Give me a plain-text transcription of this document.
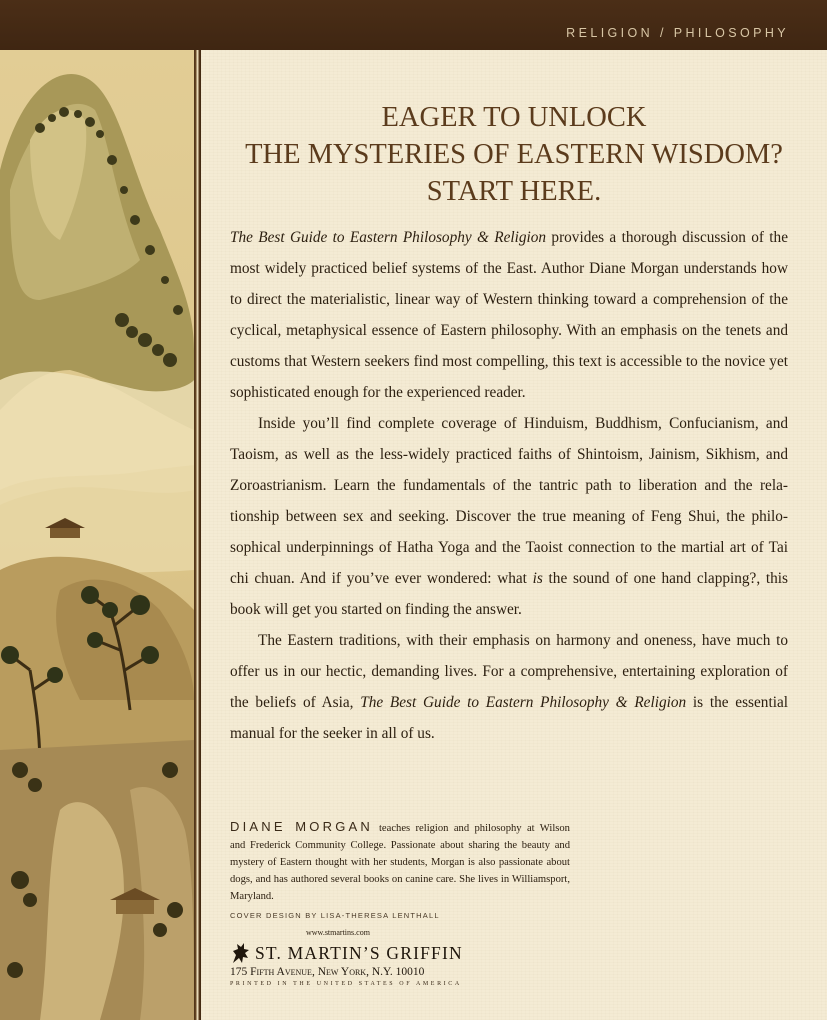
RELIGION / PHILOSOPHY
EAGER TO UNLOCK
THE MYSTERIES OF EASTERN WISDOM?
START HERE.

The Best Guide to Eastern Philosophy & Religion provides a thorough discussion of the most widely practiced belief systems of the East. Author Diane Morgan understands how to direct the materialistic, linear way of Western thinking toward a comprehension of the cyclical, metaphysical essence of Eastern philosophy. With an emphasis on the tenets and customs that Western seekers find most compelling, this text is accessible to the novice yet sophisticated enough for the experienced reader.

Inside you’ll find complete coverage of Hinduism, Buddhism, Confucianism, and Taoism, as well as the less-widely practiced faiths of Shintoism, Jainism, Sikhism, and Zoroastrianism. Learn the fundamentals of the tantric path to liberation and the relationship between sex and seeking. Discover the true meaning of Feng Shui, the philosophical underpinnings of Hatha Yoga and the Taoist connection to the martial art of Tai chi chuan. And if you’ve ever wondered: what is the sound of one hand clapping?, this book will get you started on finding the answer.

The Eastern traditions, with their emphasis on harmony and oneness, have much to offer us in our hectic, demanding lives. For a comprehensive, entertaining exploration of the beliefs of Asia, The Best Guide to Eastern Philosophy & Religion is the essential manual for the seeker in all of us.

DIANE MORGAN teaches religion and philosophy at Wilson and Frederick Community College. Passionate about sharing the beauty and mystery of Eastern thought with her students, Morgan is also passionate about dogs, and has authored several books on canine care. She lives in Williamsport, Maryland.
COVER DESIGN BY LISA-THERESA LENTHALL
www.stmartins.com
ST. MARTIN’S GRIFFIN
175 Fifth Avenue, New York, N.Y. 10010
PRINTED IN THE UNITED STATES OF AMERICA
